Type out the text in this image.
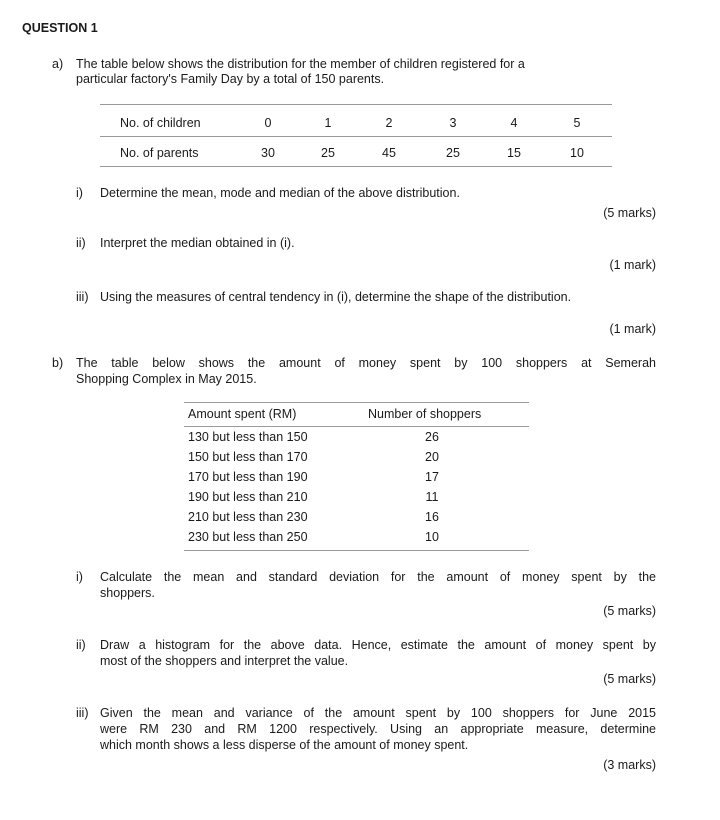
QUESTION 1
a) The table below shows the distribution for the member of children registered for a
particular factory's Family Day by a total of 150 parents.
No. of children	0	1	2	3	4	5
No. of parents	30	25	45	25	15	10
i) Determine the mean, mode and median of the above distribution.
(5 marks)
ii) Interpret the median obtained in (i).
(1 mark)
iii) Using the measures of central tendency in (i), determine the shape of the distribution.
(1 mark)
b) The table below shows the amount of money spent by 100 shoppers at Semerah
Shopping Complex in May 2015.
Amount spent (RM)	Number of shoppers
130 but less than 150	26
150 but less than 170	20
170 but less than 190	17
190 but less than 210	11
210 but less than 230	16
230 but less than 250	10
i) Calculate the mean and standard deviation for the amount of money spent by the
shoppers.
(5 marks)
ii) Draw a histogram for the above data. Hence, estimate the amount of money spent by
most of the shoppers and interpret the value.
(5 marks)
iii) Given the mean and variance of the amount spent by 100 shoppers for June 2015
were RM 230 and RM 1200 respectively. Using an appropriate measure, determine
which month shows a less disperse of the amount of money spent.
(3 marks)
